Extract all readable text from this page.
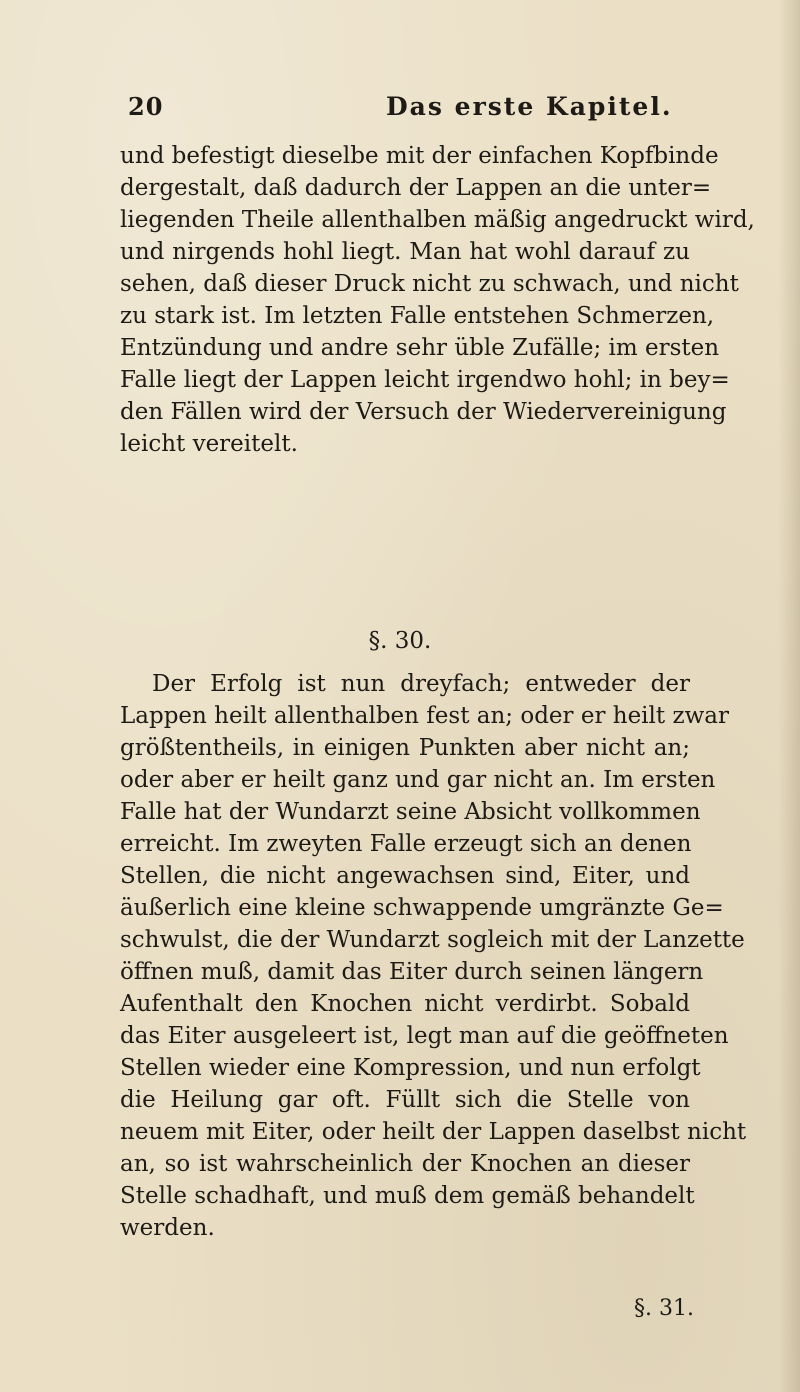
20	Das erste Kapitel.
und befestigt dieselbe mit der einfachen Kopfbinde
dergestalt, daß dadurch der Lappen an die unter=
liegenden Theile allenthalben mäßig angedruckt wird,
und nirgends hohl liegt. Man hat wohl darauf zu
sehen, daß dieser Druck nicht zu schwach, und nicht
zu stark ist. Im letzten Falle entstehen Schmerzen,
Entzündung und andre sehr üble Zufälle; im ersten
Falle liegt der Lappen leicht irgendwo hohl; in bey=
den Fällen wird der Versuch der Wiedervereinigung
leicht vereitelt.
§. 30.
Der Erfolg ist nun dreyfach; entweder der
Lappen heilt allenthalben fest an; oder er heilt zwar
größtentheils, in einigen Punkten aber nicht an;
oder aber er heilt ganz und gar nicht an. Im ersten
Falle hat der Wundarzt seine Absicht vollkommen
erreicht. Im zweyten Falle erzeugt sich an denen
Stellen, die nicht angewachsen sind, Eiter, und
äußerlich eine kleine schwappende umgränzte Ge=
schwulst, die der Wundarzt sogleich mit der Lanzette
öffnen muß, damit das Eiter durch seinen längern
Aufenthalt den Knochen nicht verdirbt. Sobald
das Eiter ausgeleert ist, legt man auf die geöffneten
Stellen wieder eine Kompression, und nun erfolgt
die Heilung gar oft. Füllt sich die Stelle von
neuem mit Eiter, oder heilt der Lappen daselbst nicht
an, so ist wahrscheinlich der Knochen an dieser
Stelle schadhaft, und muß dem gemäß behandelt
werden.
§. 31.
